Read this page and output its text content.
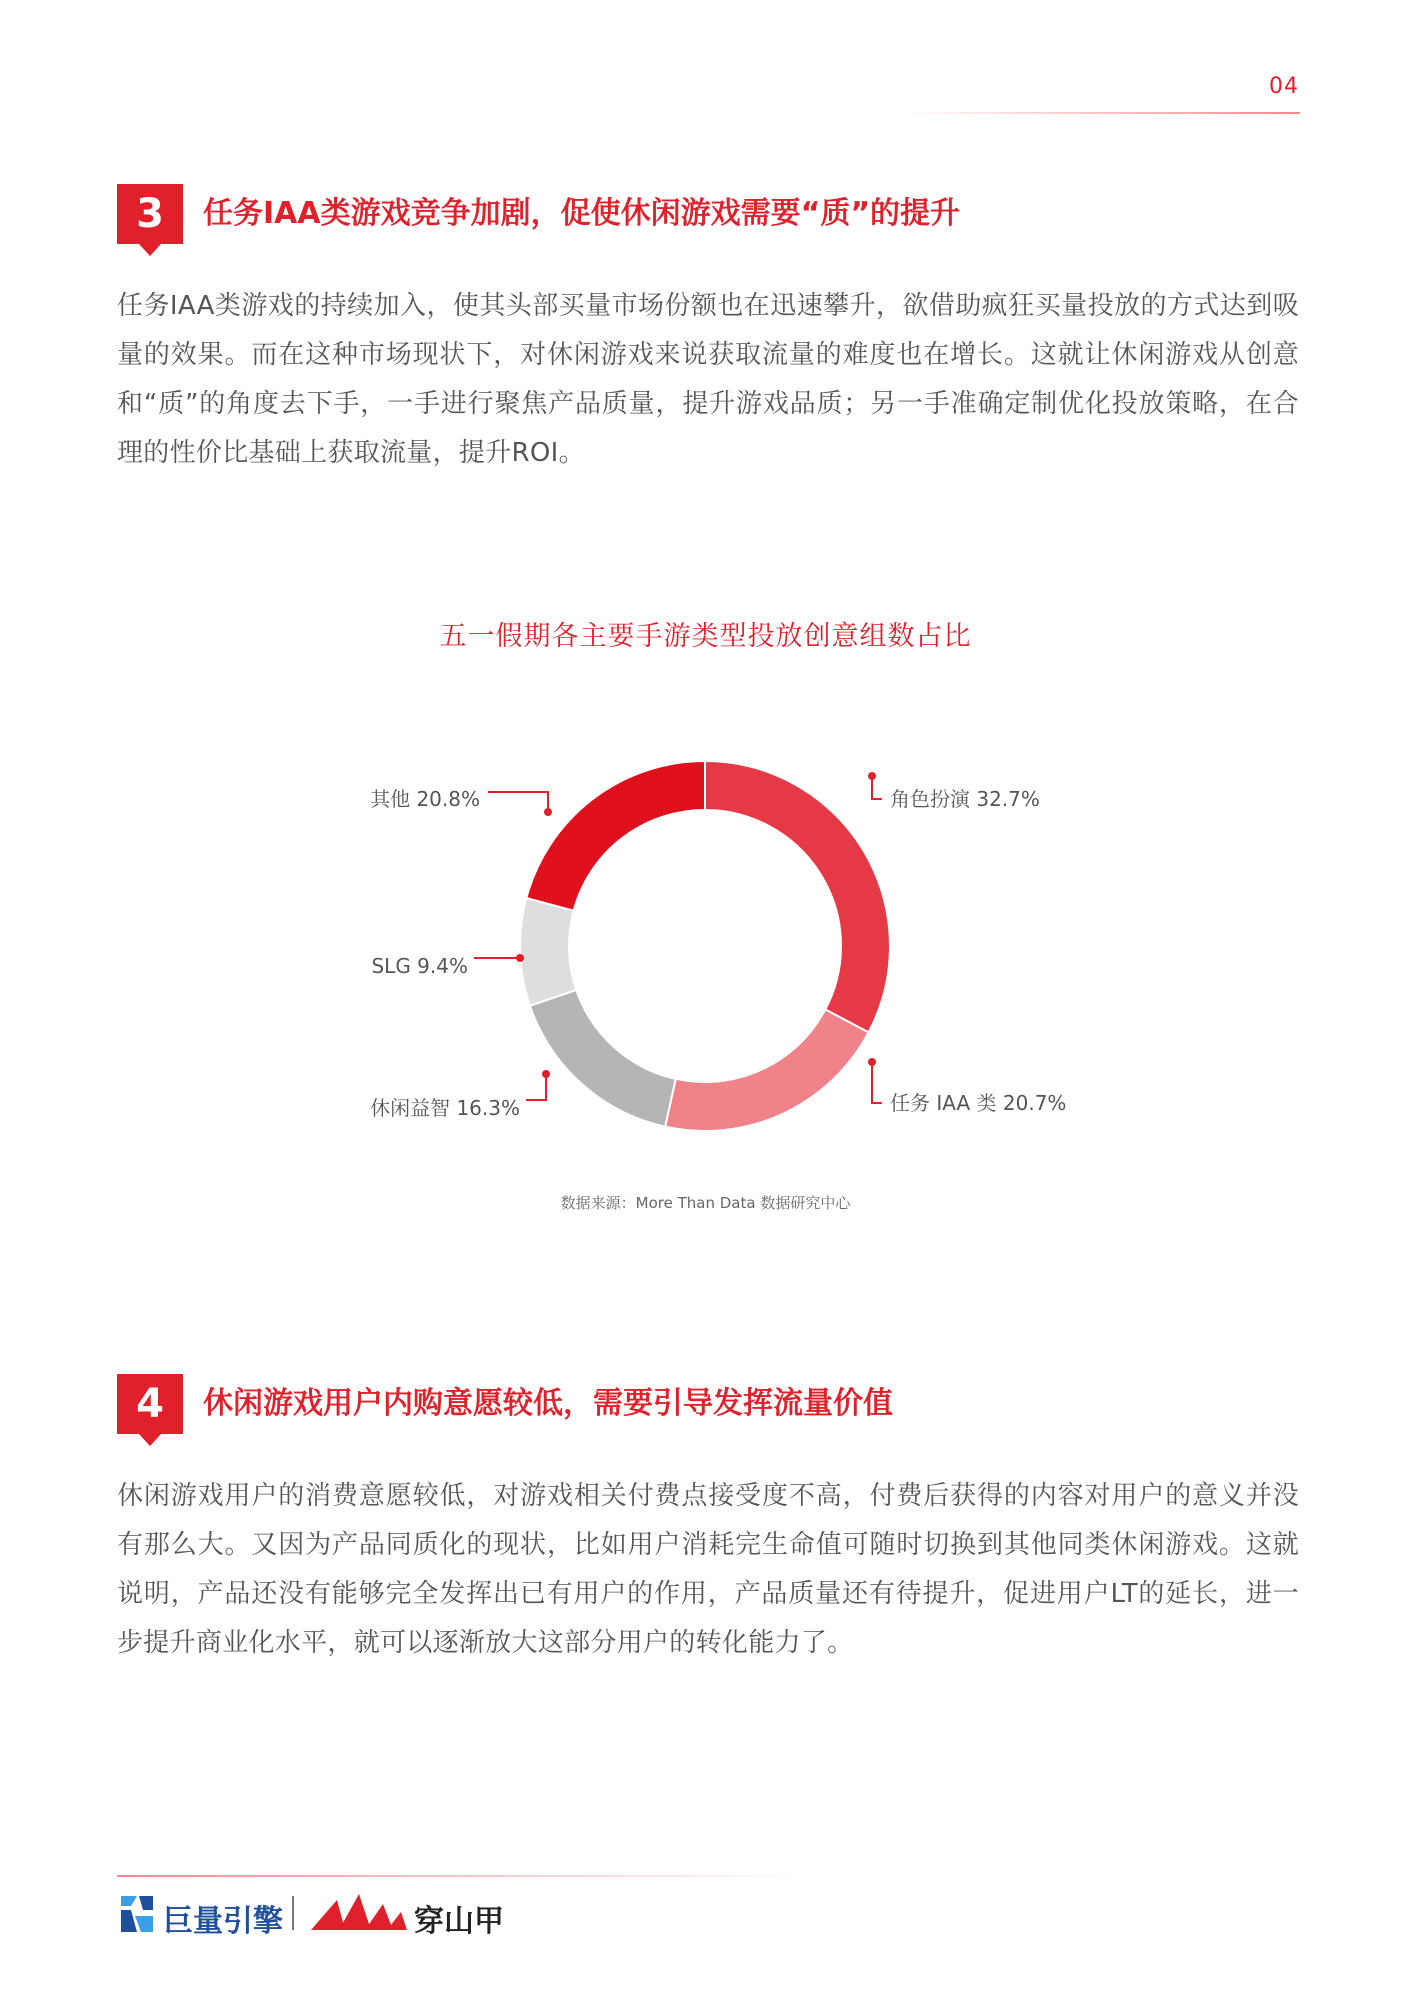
04
3	任务IAA类游戏竞争加剧，促使休闲游戏需要“质”的提升

任务IAA类游戏的持续加入，使其头部买量市场份额也在迅速攀升，欲借助疯狂买量投放的方式达到吸量的效果。而在这种市场现状下，对休闲游戏来说获取流量的难度也在增长。这就让休闲游戏从创意和“质”的角度去下手，一手进行聚焦产品质量，提升游戏品质；另一手准确定制优化投放策略，在合理的性价比基础上获取流量，提升ROI。

五一假期各主要手游类型投放创意组数占比
角色扮演 32.7%
任务 IAA 类 20.7%
休闲益智 16.3%
SLG 9.4%
其他 20.8%
数据来源：More Than Data 数据研究中心
4	休闲游戏用户内购意愿较低，需要引导发挥流量价值

休闲游戏用户的消费意愿较低，对游戏相关付费点接受度不高，付费后获得的内容对用户的意义并没有那么大。又因为产品同质化的现状，比如用户消耗完生命值可随时切换到其他同类休闲游戏。这就说明，产品还没有能够完全发挥出已有用户的作用，产品质量还有待提升，促进用户LT的延长，进一步提升商业化水平，就可以逐渐放大这部分用户的转化能力了。

巨量引擎	穿山甲
